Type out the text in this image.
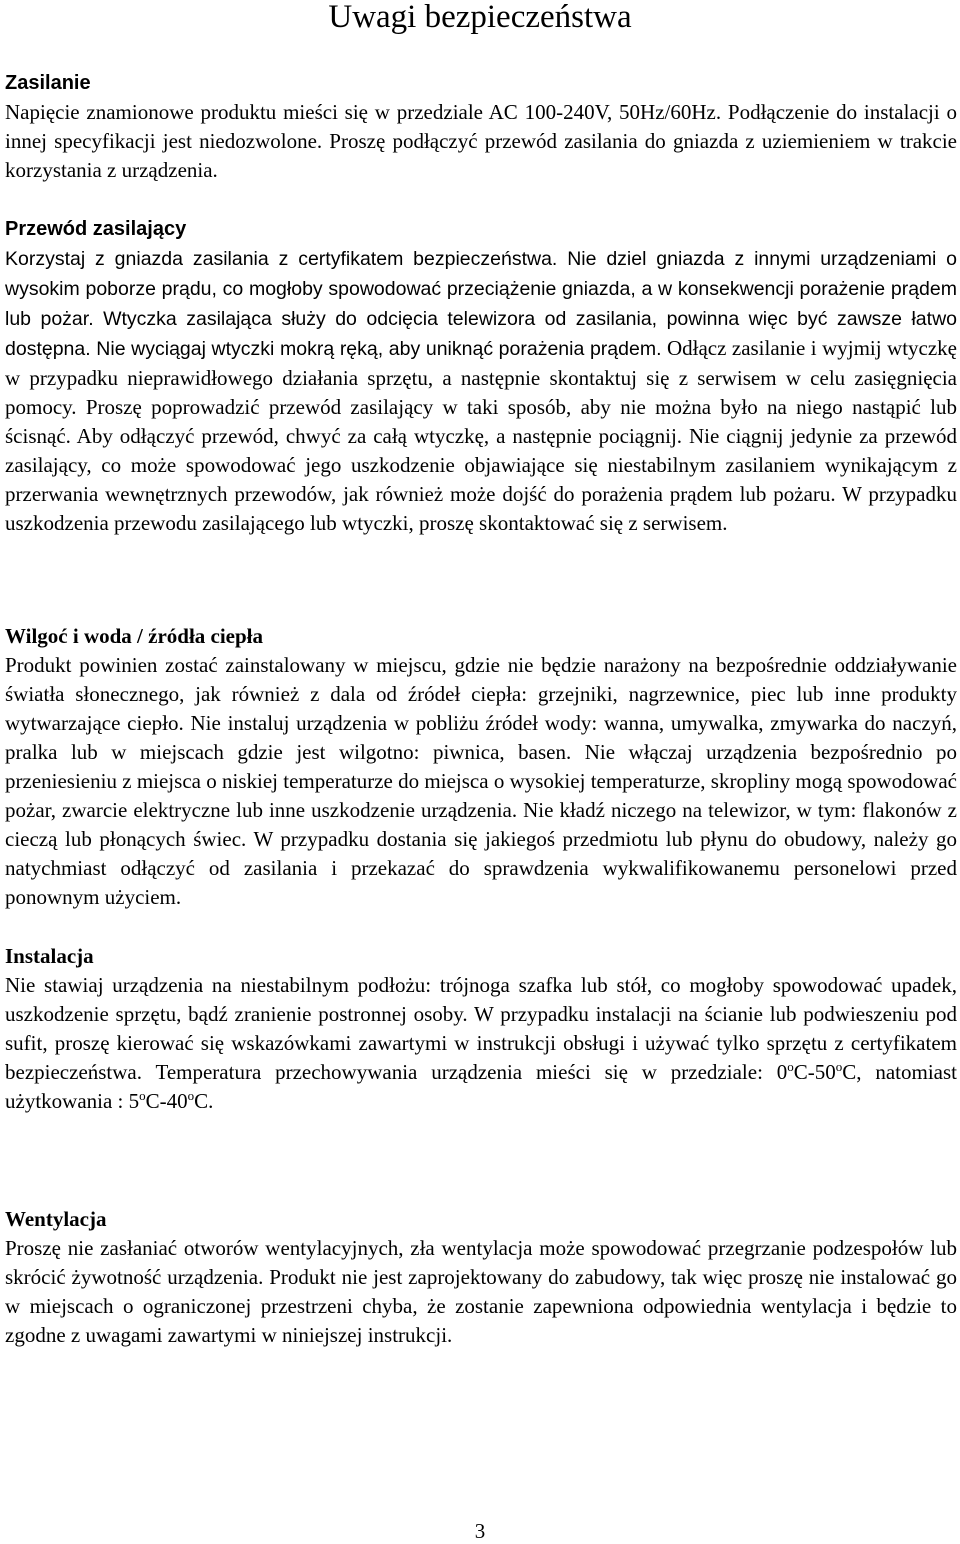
Uwagi bezpieczeństwa

Zasilanie

Napięcie znamionowe produktu mieści się w przedziale AC 100-240V, 50Hz/60Hz. Podłączenie do instalacji o innej specyfikacji jest niedozwolone. Proszę podłączyć przewód zasilania do gniazda z uziemieniem w trakcie korzystania z urządzenia.

Przewód zasilający

Korzystaj z gniazda zasilania z certyfikatem bezpieczeństwa. Nie dziel gniazda z innymi urządzeniami o wysokim poborze prądu, co mogłoby spowodować przeciążenie gniazda, a w konsekwencji porażenie prądem lub pożar. Wtyczka zasilająca służy do odcięcia telewizora od zasilania, powinna więc być zawsze łatwo dostępna. Nie wyciągaj wtyczki mokrą ręką, aby uniknąć porażenia prądem. Odłącz zasilanie i wyjmij wtyczkę w przypadku nieprawidłowego działania sprzętu, a następnie skontaktuj się z serwisem w celu zasięgnięcia pomocy. Proszę poprowadzić przewód zasilający w taki sposób, aby nie można było na niego nastąpić lub ścisnąć. Aby odłączyć przewód, chwyć za całą wtyczkę, a następnie pociągnij. Nie ciągnij jedynie za przewód zasilający, co może spowodować jego uszkodzenie objawiające się niestabilnym zasilaniem wynikającym z przerwania wewnętrznych przewodów, jak również może dojść do porażenia prądem lub pożaru. W przypadku uszkodzenia przewodu zasilającego lub wtyczki, proszę skontaktować się z serwisem.

Wilgoć i woda / źródła ciepła

Produkt powinien zostać zainstalowany w miejscu, gdzie nie będzie narażony na bezpośrednie oddziaływanie światła słonecznego, jak również z dala od źródeł ciepła: grzejniki, nagrzewnice, piec lub inne produkty wytwarzające ciepło. Nie instaluj urządzenia w pobliżu źródeł wody: wanna, umywalka, zmywarka do naczyń, pralka lub w miejscach gdzie jest wilgotno: piwnica, basen. Nie włączaj urządzenia bezpośrednio po przeniesieniu z miejsca o niskiej temperaturze do miejsca o wysokiej temperaturze, skropliny mogą spowodować pożar, zwarcie elektryczne lub inne uszkodzenie urządzenia. Nie kładź niczego na telewizor, w tym: flakonów z cieczą lub płonących świec. W przypadku dostania się jakiegoś przedmiotu lub płynu do obudowy, należy go natychmiast odłączyć od zasilania i przekazać do sprawdzenia wykwalifikowanemu personelowi przed ponownym użyciem.

Instalacja

Nie stawiaj urządzenia na niestabilnym podłożu: trójnoga szafka lub stół, co mogłoby spowodować upadek, uszkodzenie sprzętu, bądź zranienie postronnej osoby. W przypadku instalacji na ścianie lub podwieszeniu pod sufit, proszę kierować się wskazówkami zawartymi w instrukcji obsługi i używać tylko sprzętu z certyfikatem bezpieczeństwa. Temperatura przechowywania urządzenia mieści się w przedziale: 0$^o$C-50$^o$C, natomiast użytkowania : 5$^o$C-40$^o$C.

Wentylacja

Proszę nie zasłaniać otworów wentylacyjnych, zła wentylacja może spowodować przegrzanie podzespołów lub skrócić żywotność urządzenia. Produkt nie jest zaprojektowany do zabudowy, tak więc proszę nie instalować go w miejscach o ograniczonej przestrzeni chyba, że zostanie zapewniona odpowiednia wentylacja i będzie to zgodne z uwagami zawartymi w niniejszej instrukcji.

3
